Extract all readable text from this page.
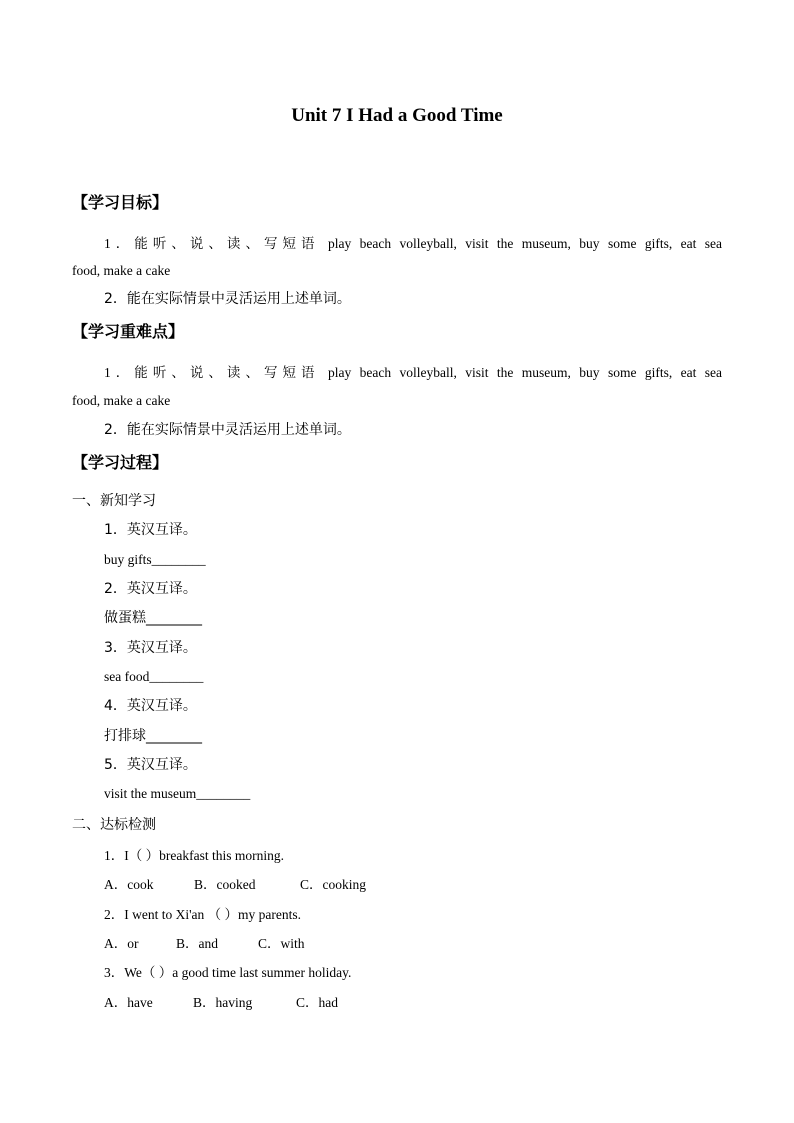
Unit 7 I Had a Good Time
【学习目标】
1．能听、说、读、写短语 play beach volleyball, visit the museum, buy some gifts, eat sea
food, make a cake
2．能在实际情景中灵活运用上述单词。
【学习重难点】
1．能听、说、读、写短语 play beach volleyball, visit the museum, buy some gifts, eat sea
food, make a cake
2．能在实际情景中灵活运用上述单词。
【学习过程】
一、新知学习
1．英汉互译。
buy gifts________
2．英汉互译。
做蛋糕________
3．英汉互译。
sea food________
4．英汉互译。
打排球________
5．英汉互译。
visit the museum________
二、达标检测
1．I（ ）breakfast this morning.
A．cook	B．cooked	C．cooking
2．I went to Xi'an （ ）my parents.
A．or	B．and	C．with
3．We（ ）a good time last summer holiday.
A．have	B．having	C．had
